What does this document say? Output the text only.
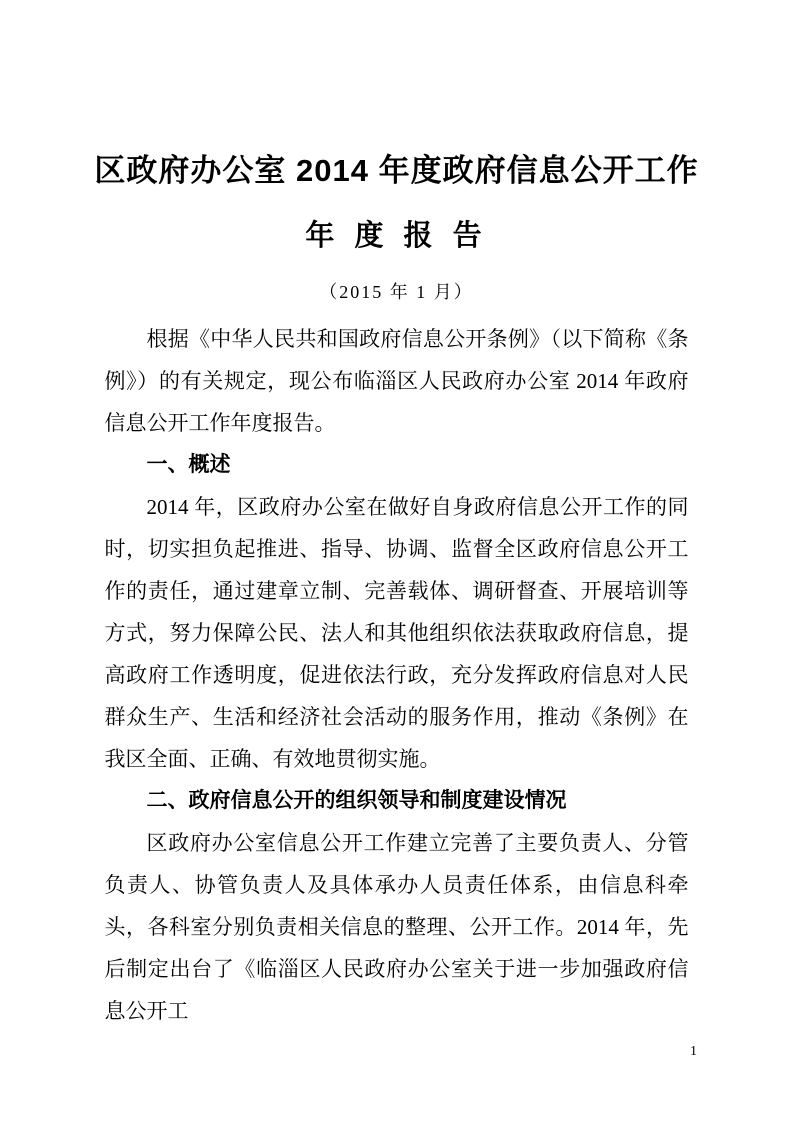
区政府办公室 2014 年度政府信息公开工作
年 度 报 告
（2015 年 1 月）

根据《中华人民共和国政府信息公开条例》（以下简称《条例》）的有关规定，现公布临淄区人民政府办公室 2014 年政府信息公开工作年度报告。

一、概述

2014 年，区政府办公室在做好自身政府信息公开工作的同时，切实担负起推进、指导、协调、监督全区政府信息公开工作的责任，通过建章立制、完善载体、调研督查、开展培训等方式，努力保障公民、法人和其他组织依法获取政府信息，提高政府工作透明度，促进依法行政，充分发挥政府信息对人民群众生产、生活和经济社会活动的服务作用，推动《条例》在我区全面、正确、有效地贯彻实施。

二、政府信息公开的组织领导和制度建设情况

区政府办公室信息公开工作建立完善了主要负责人、分管负责人、协管负责人及具体承办人员责任体系，由信息科牵头，各科室分别负责相关信息的整理、公开工作。2014 年，先后制定出台了《临淄区人民政府办公室关于进一步加强政府信息公开工

1
